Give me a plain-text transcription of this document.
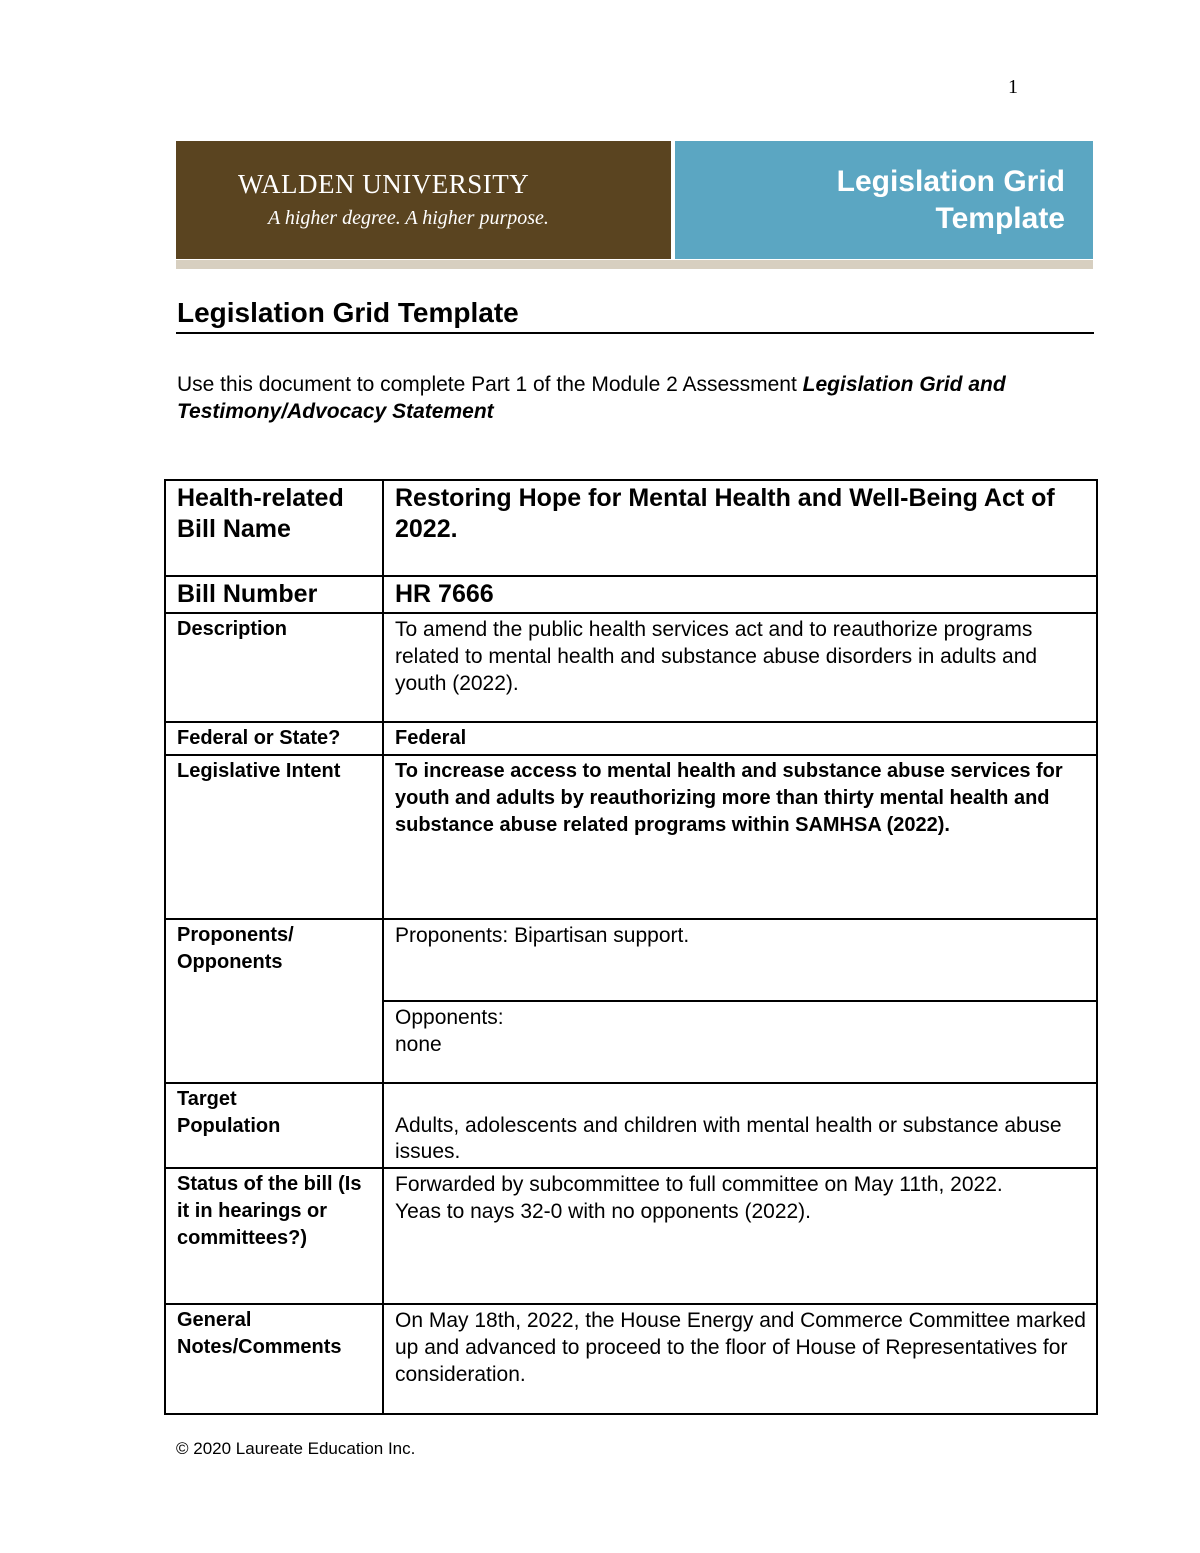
1
WALDEN UNIVERSITY
A higher degree. A higher purpose.
Legislation Grid
Template
Legislation Grid Template
Use this document to complete Part 1 of the Module 2 Assessment Legislation Grid and Testimony/Advocacy Statement
Health-related Bill Name	Restoring Hope for Mental Health and Well-Being Act of 2022.
Bill Number	HR 7666
Description	To amend the public health services act and to reauthorize programs related to mental health and substance abuse disorders in adults and youth (2022).
Federal or State?	Federal
Legislative Intent	To increase access to mental health and substance abuse services for youth and adults by reauthorizing more than thirty mental health and substance abuse related programs within SAMHSA (2022).

Proponents/
Opponents	Proponents: Bipartisan support.

	Opponents:
none

Target
Population	Adults, adolescents and children with mental health or substance abuse issues.
Status of the bill (Is it in hearings or committees?)	Forwarded by subcommittee to full committee on May 11th, 2022.
Yeas to nays 32-0 with no opponents (2022).

General Notes/Comments	On May 18th, 2022, the House Energy and Commerce Committee marked up and advanced to proceed to the floor of House of Representatives for consideration.
© 2020 Laureate Education Inc.
